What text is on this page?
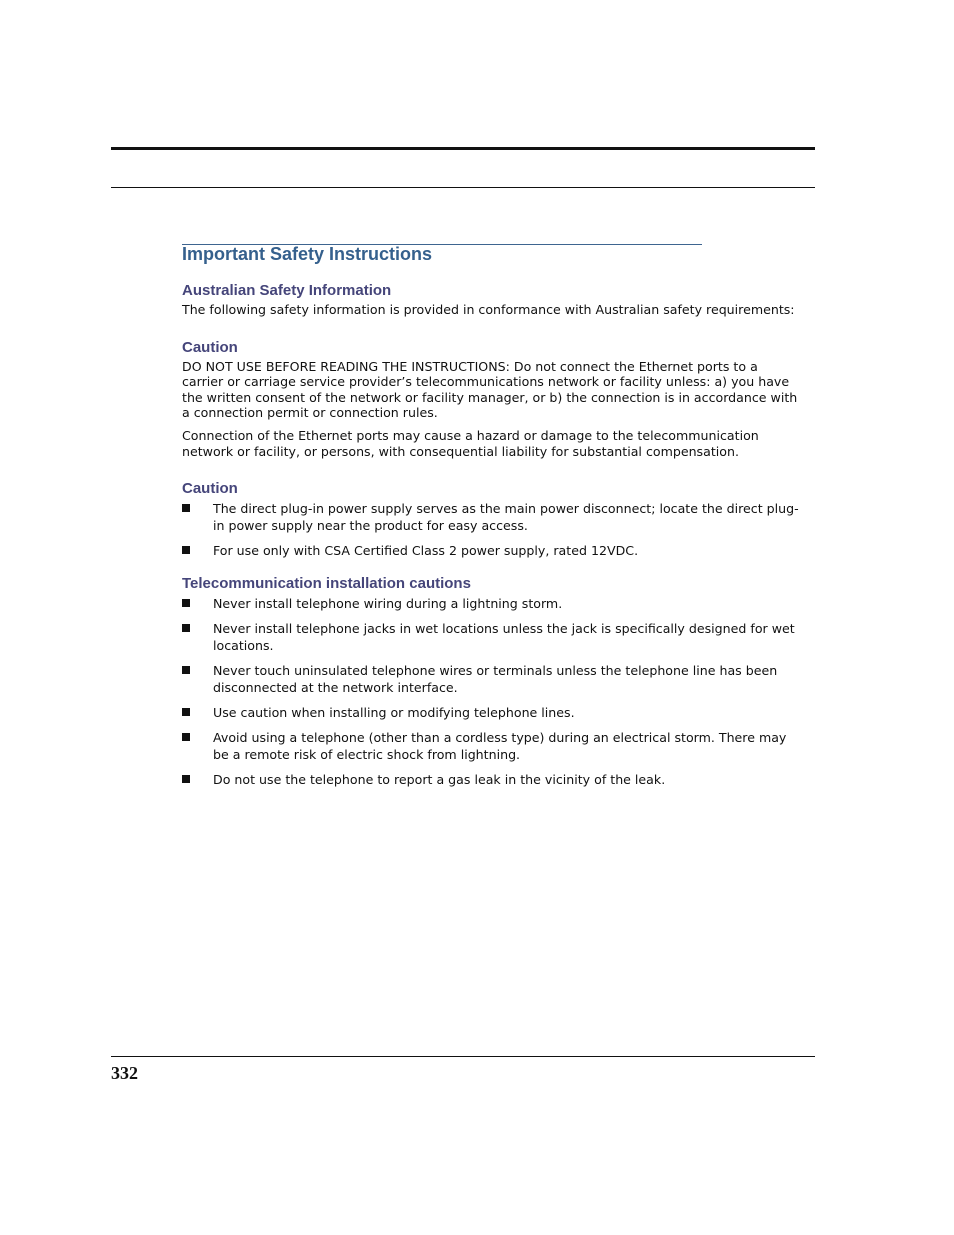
Important Safety Instructions
Australian Safety Information

The following safety information is provided in conformance with Australian safety requirements:

Caution

DO NOT USE BEFORE READING THE INSTRUCTIONS: Do not connect the Ethernet ports to a carrier or carriage service provider’s telecommunications network or facility unless: a) you have the written consent of the network or facility manager, or b) the connection is in accordance with a connection permit or connection rules.

Connection of the Ethernet ports may cause a hazard or damage to the telecommunication network or facility, or persons, with consequential liability for substantial compensation.

Caution
The direct plug-in power supply serves as the main power disconnect; locate the direct plug-in power supply near the product for easy access.
For use only with CSA Certified Class 2 power supply, rated 12VDC.
Telecommunication installation cautions
Never install telephone wiring during a lightning storm.
Never install telephone jacks in wet locations unless the jack is specifically designed for wet locations.
Never touch uninsulated telephone wires or terminals unless the telephone line has been disconnected at the network interface.
Use caution when installing or modifying telephone lines.
Avoid using a telephone (other than a cordless type) during an electrical storm. There may be a remote risk of electric shock from lightning.
Do not use the telephone to report a gas leak in the vicinity of the leak.
332
